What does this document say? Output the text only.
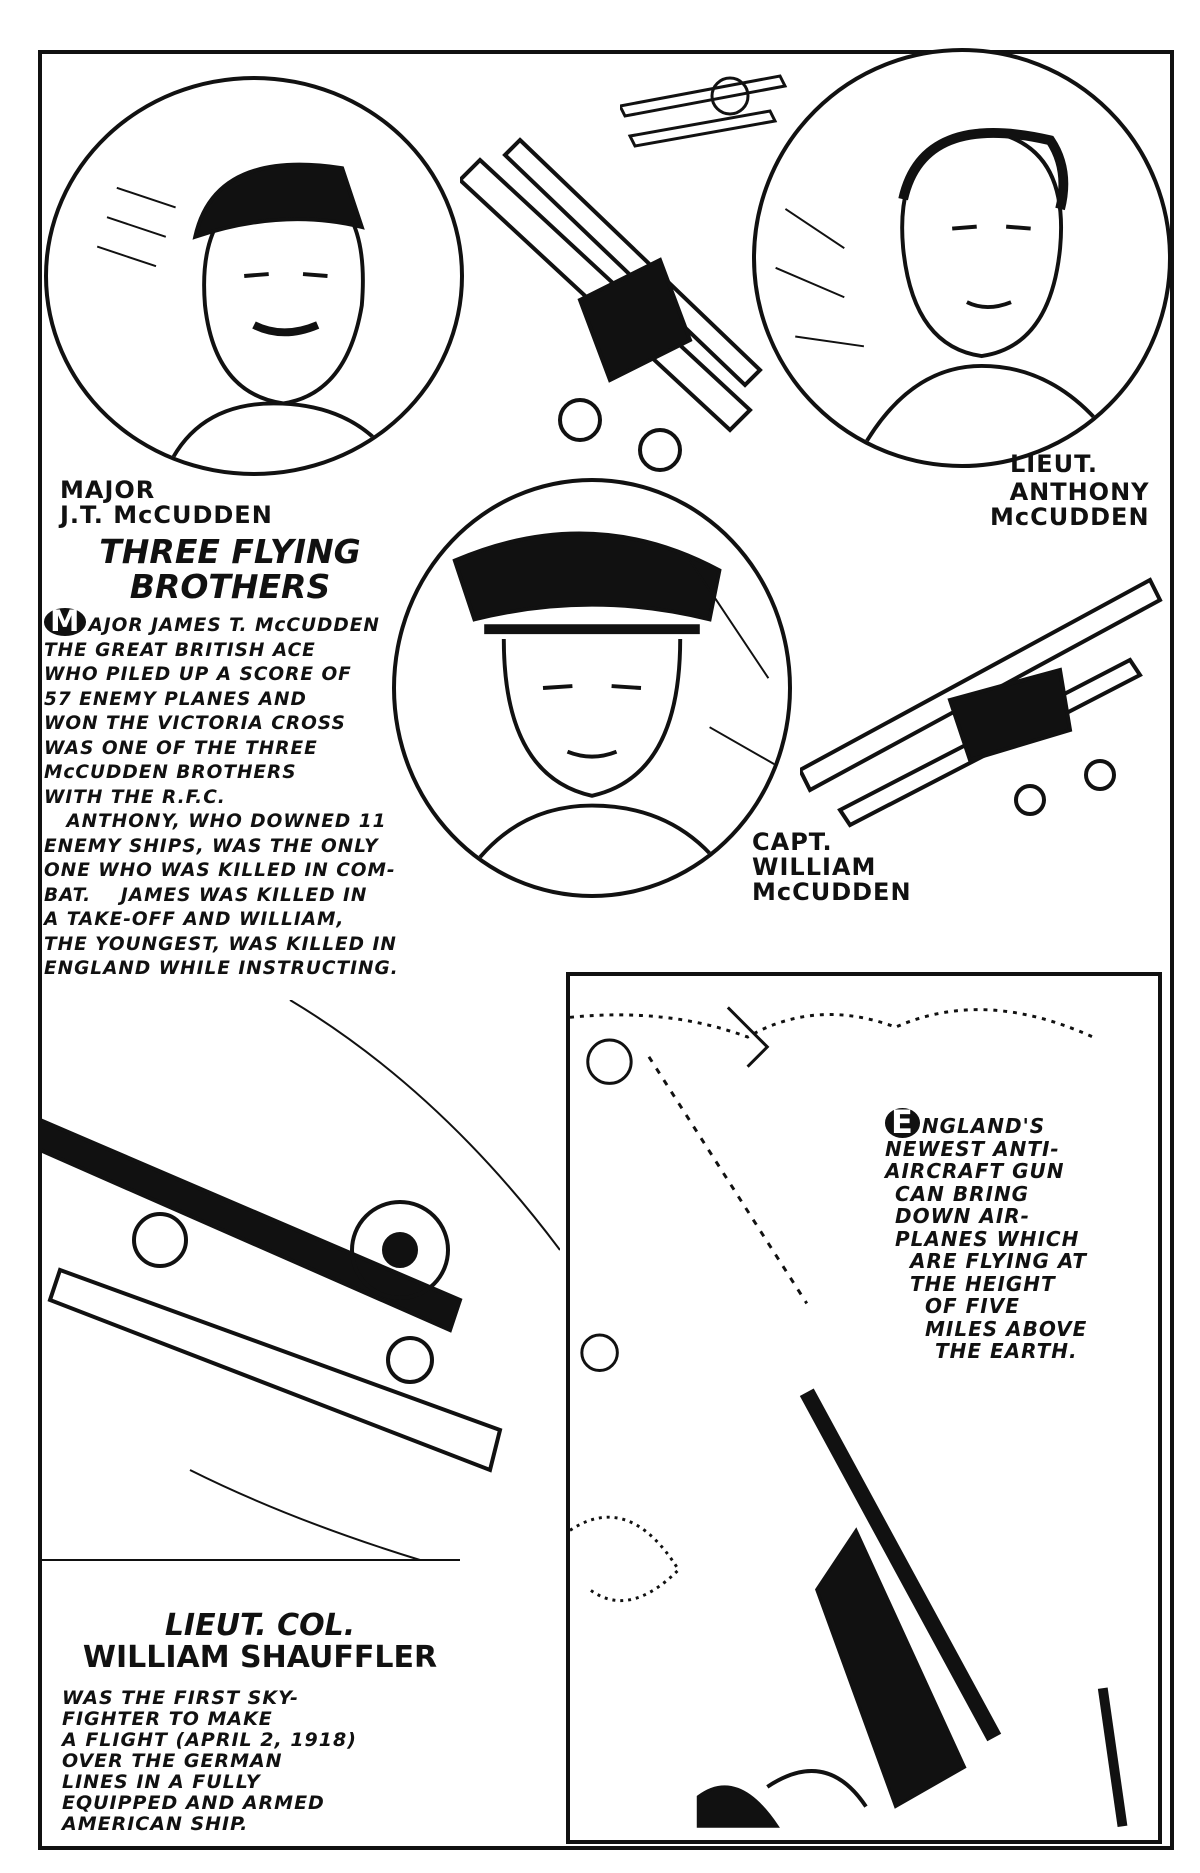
MAJOR
J.T. McCUDDEN
LIEUT.
ANTHONY
McCUDDEN
CAPT.
WILLIAM
McCUDDEN
THREE FLYING
BROTHERS
M AJOR JAMES T. McCUDDEN
THE GREAT BRITISH ACE
WHO PILED UP A SCORE OF
57 ENEMY PLANES AND
WON THE VICTORIA CROSS
WAS ONE OF THE THREE
McCUDDEN BROTHERS
WITH THE R.F.C.
ANTHONY, WHO DOWNED 11
ENEMY SHIPS, WAS THE ONLY
ONE WHO WAS KILLED IN COM-
BAT.    JAMES WAS KILLED IN
A TAKE-OFF AND WILLIAM,
THE YOUNGEST, WAS KILLED IN
ENGLAND WHILE INSTRUCTING.
LIEUT. COL.
WILLIAM SHAUFFLER
WAS THE FIRST SKY-
FIGHTER TO MAKE
A FLIGHT (APRIL 2, 1918)
OVER THE GERMAN
LINES IN A FULLY
EQUIPPED AND ARMED
AMERICAN SHIP.
E NGLAND'S
NEWEST ANTI-
AIRCRAFT GUN
CAN BRING
DOWN AIR-
PLANES WHICH
ARE FLYING AT
THE HEIGHT
OF FIVE
MILES ABOVE
THE EARTH.
